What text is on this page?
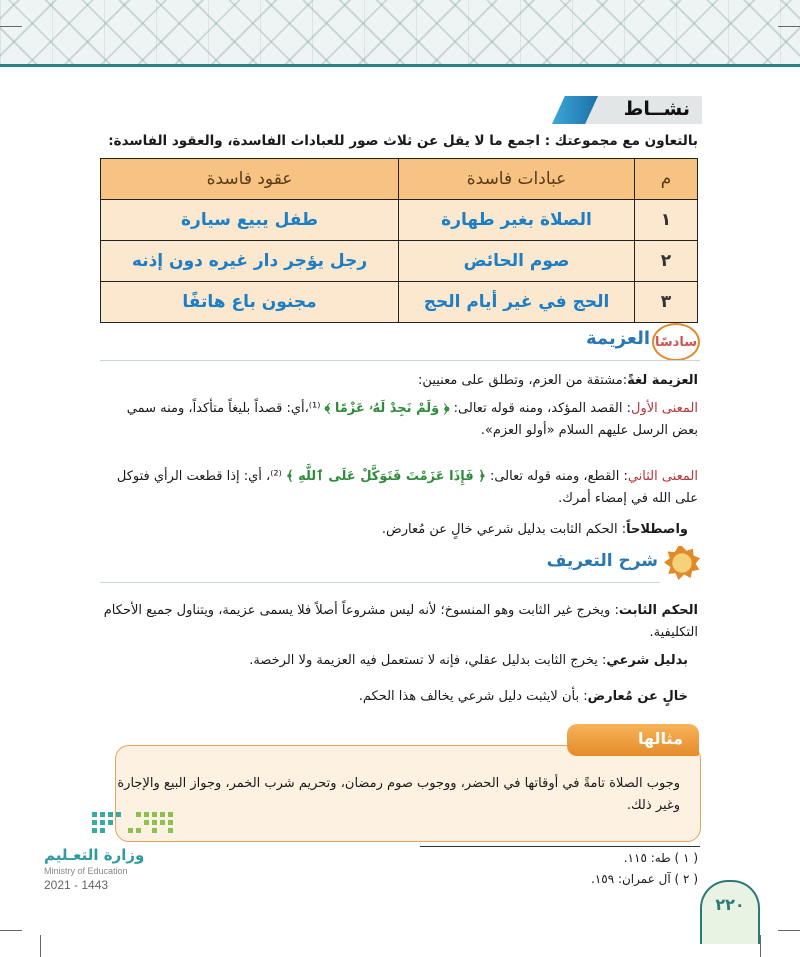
نشــاط
بالتعاون مع مجموعتك : اجمع ما لا يقل عن ثلاث صور للعبادات الفاسدة، والعقود الفاسدة:
م	عبادات فاسدة	عقود فاسدة
١	الصلاة بغير طهارة	طفل يبيع سيارة
٢	صوم الحائض	رجل يؤجر دار غيره دون إذنه
٣	الحج في غير أيام الحج	مجنون باع هاتفًا
سادسًا
العزيمة
العزيمة لغةً:مشتقة من العزم، وتطلق على معنيين:
المعنى الأول: القصد المؤكد، ومنه قوله تعالى: ﴿ وَلَمْ نَجِدْ لَهُۥ عَزْمًا ﴾ ⁽¹⁾،أي: قصداً بليغاً متأكداً، ومنه سمي بعض الرسل عليهم السلام «أولو العزم».
المعنى الثاني: القطع، ومنه قوله تعالى: ﴿ فَإِذَا عَزَمْتَ فَتَوَكَّلْ عَلَى ٱللَّهِ ﴾ ⁽²⁾، أي: إذا قطعت الرأي فتوكل على الله في إمضاء أمرك.
واصطلاحاً: الحكم الثابت بدليل شرعي خالٍ عن مُعارض.
شرح التعريف
الحكم الثابت: ويخرج غير الثابت وهو المنسوخ؛ لأنه ليس مشروعاً أصلاً فلا يسمى عزيمة، ويتناول جميع الأحكام التكليفية.
بدليل شرعي: يخرج الثابت بدليل عقلي، فإنه لا تستعمل فيه العزيمة ولا الرخصة.
خالٍ عن مُعارض: بأن لايثبت دليل شرعي يخالف هذا الحكم.
مثالها
وجوب الصلاة تامةً في أوقاتها في الحضر، ووجوب صوم رمضان، وتحريم شرب الخمر، وجواز البيع والإجارة وغير ذلك.
وزارة التعـليم
Ministry of Education
2021 - 1443
( ١ ) طه: ١١٥.
( ٢ ) آل عمران: ١٥٩.
٢٢٠
